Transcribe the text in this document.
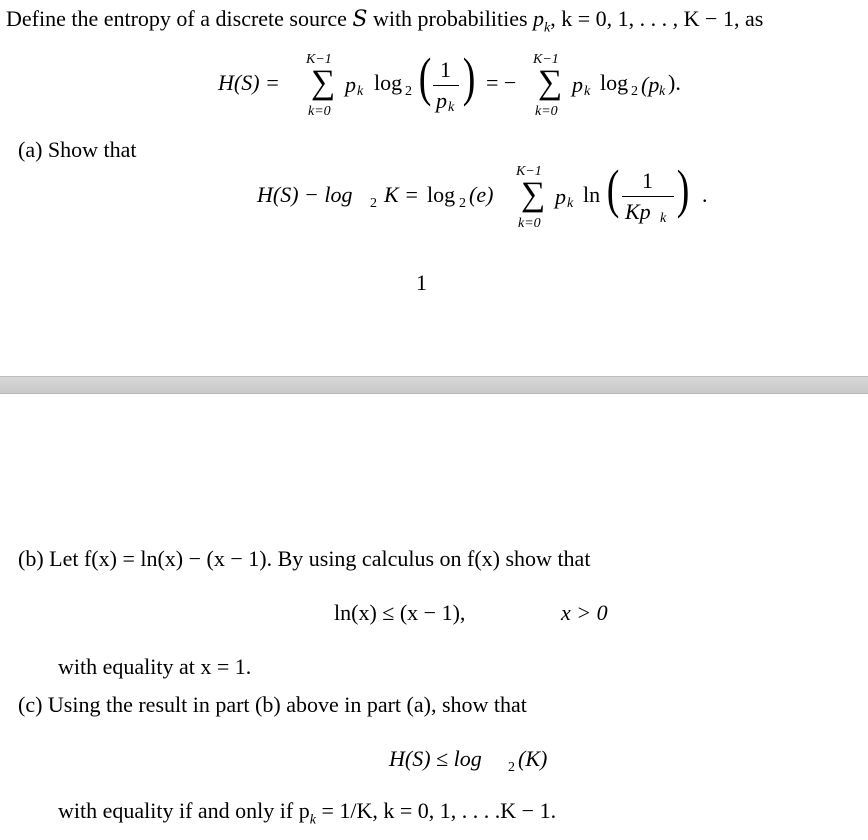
Define the entropy of a discrete source S with probabilities $p_k$, k = 0, 1, . . . , K − 1, as
H(S) =
K−1
∑
k=0
p k log 2 ( 1
p k
) = −
K−1
∑
k=0
p k log 2 (p k ).
(a) Show that
H(S) − log 2 K = log 2 (e)
K−1
∑
k=0
p k ln ( 1
Kp k ) .
1
(b) Let f(x) = ln(x) − (x − 1). By using calculus on f(x) show that
ln(x) ≤ (x − 1),	x > 0
with equality at x = 1.
(c) Using the result in part (b) above in part (a), show that
H(S) ≤ log 2 (K)
with equality if and only if $p_k = 1/K$, k = 0, 1, . . . .K − 1.
